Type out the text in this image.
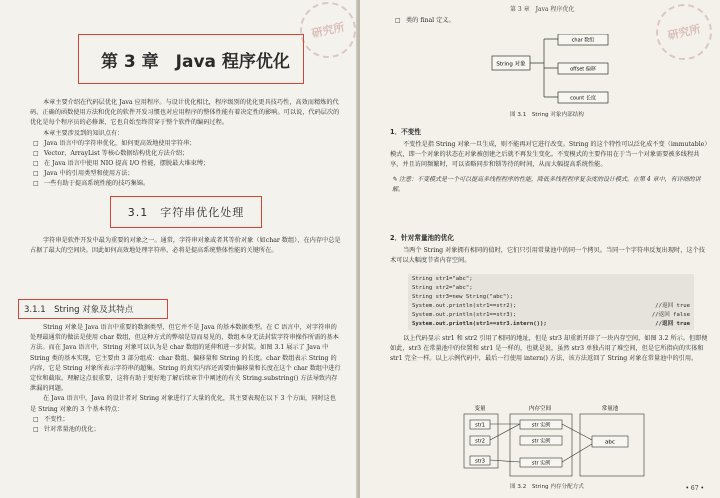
研究所
第 3 章　Java 程序优化

本章主要介绍在代码层优化 Java 应用程序。与设计优化相比，程序级别的优化更具技巧性，高效而精炼的代码、正确的函数使用方法和优化的软件开发习惯也对应用程序的整体性能有着决定性的影响。可以说，代码层次的优化是每个程序员的必修课，它也自始至终贯穿于整个软件的编码过程。

本章主要涉及到的知识点有：

□ Java 语言中的字符串优化，如何更高效地使用字符串；
□ Vector、ArrayList 等核心数据结构优化方法介绍；
□ 在 Java 语言中使用 NIO 提高 I/O 性能，摆脱最大堆束缚；
□ Java 中的引用类型和使用方法；
□ 一些有助于提高系统性能的技巧集锦。
3.1　字符串优化处理

字符串是软件开发中最为重要的对象之一。通常，字符串对象或者其等价对象（如char 数组），在内存中总是占据了最大的空间块。因此如何高效地处理字符串，必将是提高系统整体性能的关键所在。

3.1.1　String 对象及其特点

String 对象是 Java 语言中重要的数据类型，但它并不是 Java 的基本数据类型。在 C 语言中，对字符串的处理最通常的做法是使用 char 数组，但这种方式的弊端是显而易见的，数组本身无法封装字符串操作所需的基本方法。而在 Java 语言中，String 对象可以认为是 char 数组的延伸和进一步封装。如图 3.1 展示了 Java 中 String 类的基本实现，它主要由 3 部分组成：char 数组、偏移量和 String 的长度。char 数组表示 String 的内容，它是 String 对象所表示字符串的超集。String 的真实内容还需要由偏移量和长度在这个 char 数组中进行定位和截取。理解这点很重要，这将有助于更好地了解后续章节中阐述的有关 String.substring() 方法导致内存泄漏的问题。

在 Java 语言中，Java 的设计者对 String 对象进行了大量的优化，其主要表现在以下 3 个方面，同时这也是 String 对象的 3 个基本特点：

□ 不变性；
□ 针对常量池的优化；
第 3 章　Java 程序优化
研究所
□ 类的 final 定义。
String 对象
char 数组
offset 偏移
count 长度
图 3.1　String 对象内部结构
1．不变性

不变性是指 String 对象一旦生成，则不能再对它进行改变。String 的这个特性可以泛化成不变（immutable）模式，即一个对象的状态在对象被创建之后就不再发生变化。不变模式的主要作用在于当一个对象需要被多线程共享，并且访问频繁时，可以省略同步和锁等待的时间，从而大幅提高系统性能。

✎ 注意：不变模式是一个可以提高多线程程序的性能，降低多线程程序复杂度的设计模式。在第 4 章中，有详细的讲解。
2．针对常量池的优化

当两个 String 对象拥有相同的值时，它们只引用常量池中的同一个拷贝。当同一个字符串反复出现时，这个技术可以大幅度节省内存空间。

String str1="abc";
String str2="abc";
String str3=new String("abc");
System.out.println(str1==str2);	//返回 true
System.out.println(str1==str3);	//返回 false
System.out.println(str1==str3.intern());	//返回 true

以上代码显示 str1 和 str2 引用了相同的地址，但是 str3 却重新开辟了一块内存空间，如图 3.2 所示。但即便如此，str3 在常量池中的位置和 str1 是一样的，也就是说，虽然 str3 单独占用了堆空间，但是它所指向的实体和 str1 完全一样。以上示例代码中，最后一行使用 intern() 方法，该方法返回了 String 对象在常量池中的引用。

变量	内存空间	常量池
str1
str2
str3
str 实例
str 实例
str 实例
abc
图 3.2　String 内存分配方式	• 67 •
